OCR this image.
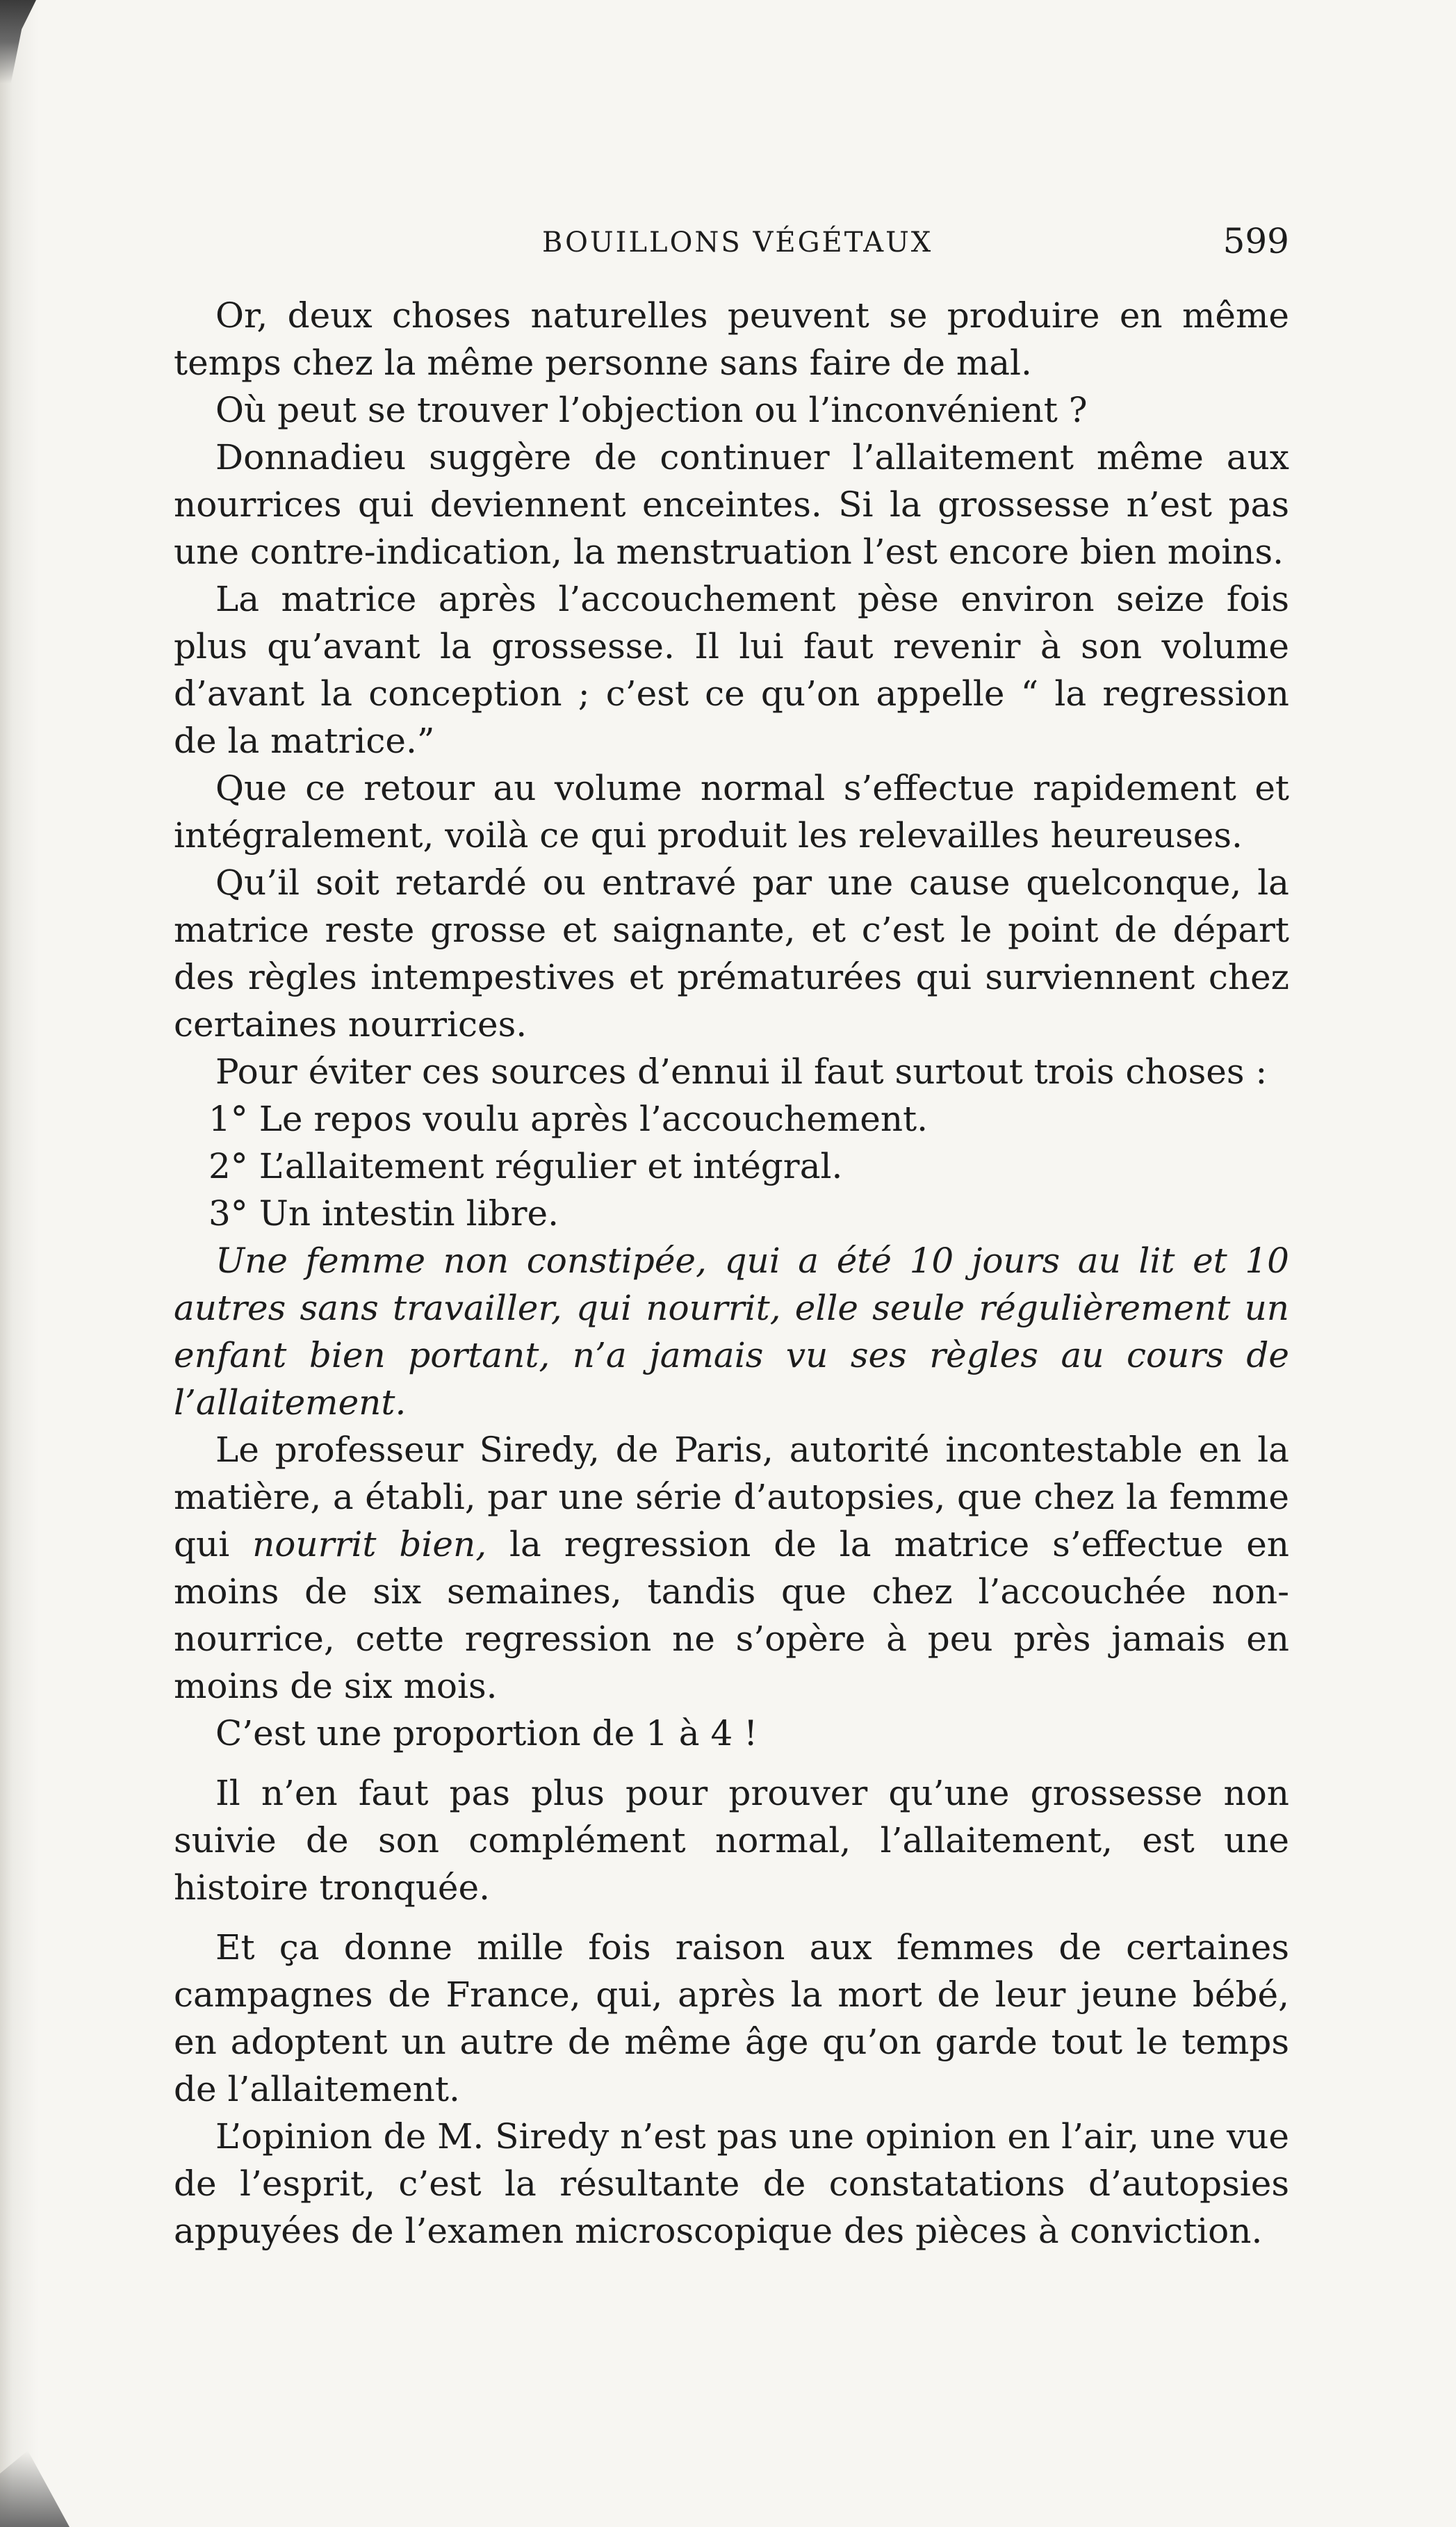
BOUILLONS VÉGÉTAUX	599

Or, deux choses naturelles peuvent se produire en même temps chez la même personne sans faire de mal.

Où peut se trouver l’objection ou l’inconvénient ?

Donnadieu suggère de continuer l’allaitement même aux nourrices qui deviennent enceintes. Si la grossesse n’est pas une contre-indication, la menstruation l’est encore bien moins.

La matrice après l’accouchement pèse environ seize fois plus qu’avant la grossesse. Il lui faut revenir à son volume d’avant la conception ; c’est ce qu’on appelle “ la regression de la matrice.”

Que ce retour au volume normal s’effectue rapidement et intégralement, voilà ce qui produit les relevailles heureuses.

Qu’il soit retardé ou entravé par une cause quelconque, la matrice reste grosse et saignante, et c’est le point de départ des règles intempestives et prématurées qui surviennent chez certaines nourrices.

Pour éviter ces sources d’ennui il faut surtout trois choses :

1° Le repos voulu après l’accouchement.

2° L’allaitement régulier et intégral.

3° Un intestin libre.

Une femme non constipée, qui a été 10 jours au lit et 10 autres sans travailler, qui nourrit, elle seule régulièrement un enfant bien portant, n’a jamais vu ses règles au cours de l’allaitement.

Le professeur Siredy, de Paris, autorité incontestable en la matière, a établi, par une série d’autopsies, que chez la femme qui nourrit bien, la regression de la matrice s’effectue en moins de six semaines, tandis que chez l’accouchée non-nourrice, cette regression ne s’opère à peu près jamais en moins de six mois.

C’est une proportion de 1 à 4 !

Il n’en faut pas plus pour prouver qu’une grossesse non suivie de son complément normal, l’allaitement, est une histoire tronquée.

Et ça donne mille fois raison aux femmes de certaines campagnes de France, qui, après la mort de leur jeune bébé, en adoptent un autre de même âge qu’on garde tout le temps de l’allaitement.

L’opinion de M. Siredy n’est pas une opinion en l’air, une vue de l’esprit, c’est la résultante de constatations d’autopsies appuyées de l’examen microscopique des pièces à conviction.
